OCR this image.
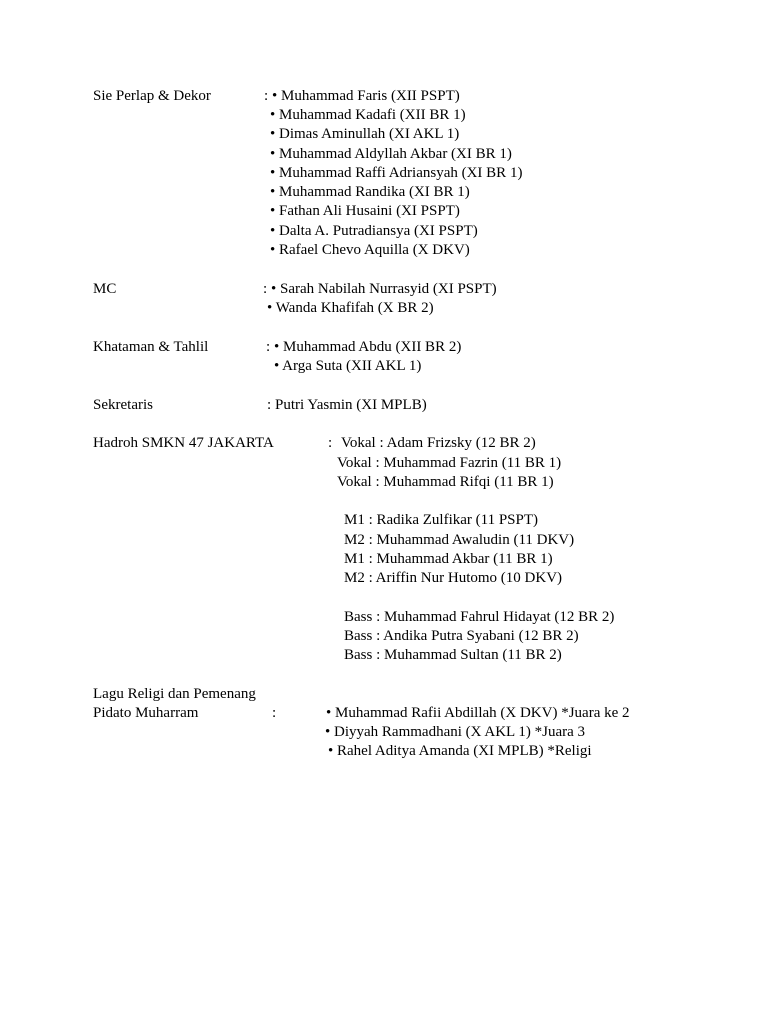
Sie Perlap & Dekor	: • Muhammad Faris (XII PSPT)
• Muhammad Kadafi (XII BR 1)
• Dimas Aminullah (XI AKL 1)
• Muhammad Aldyllah Akbar (XI BR 1)
• Muhammad Raffi Adriansyah (XI BR 1)
• Muhammad Randika (XI BR 1)
• Fathan Ali Husaini (XI PSPT)
• Dalta A. Putradiansya (XI PSPT)
• Rafael Chevo Aquilla (X DKV)
MC	: • Sarah Nabilah Nurrasyid (XI PSPT)
• Wanda Khafifah (X BR 2)
Khataman & Tahlil	: • Muhammad Abdu (XII BR 2)
• Arga Suta (XII AKL 1)
Sekretaris	: Putri Yasmin (XI MPLB)
Hadroh SMKN 47 JAKARTA	: Vokal : Adam Frizsky (12 BR 2)
Vokal : Muhammad Fazrin (11 BR 1)
Vokal : Muhammad Rifqi (11 BR 1)
M1 : Radika Zulfikar (11 PSPT)
M2 : Muhammad Awaludin (11 DKV)
M1 : Muhammad Akbar (11 BR 1)
M2 : Ariffin Nur Hutomo (10 DKV)
Bass : Muhammad Fahrul Hidayat (12 BR 2)
Bass : Andika Putra Syabani (12 BR 2)
Bass : Muhammad Sultan (11 BR 2)
Lagu Religi dan Pemenang
Pidato Muharram	:	• Muhammad Rafii Abdillah (X DKV) *Juara ke 2
• Diyyah Rammadhani (X AKL 1) *Juara 3
• Rahel Aditya Amanda (XI MPLB) *Religi
